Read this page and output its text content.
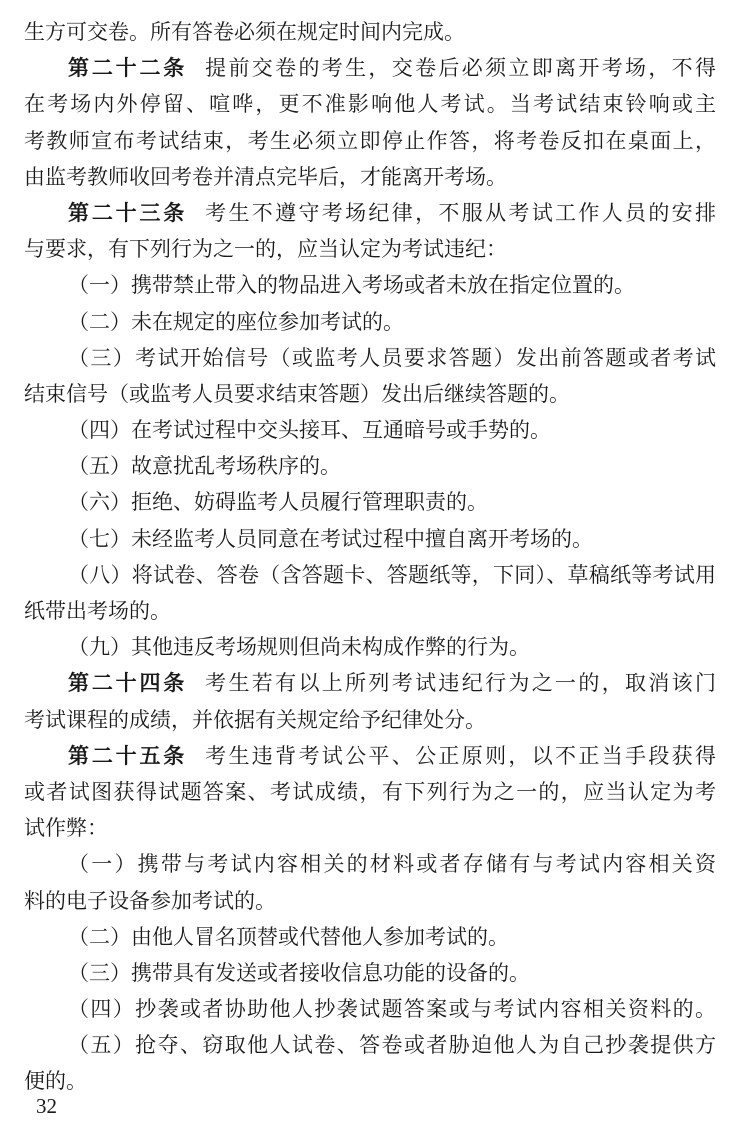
生方可交卷。所有答卷必须在规定时间内完成。
第二十二条 提前交卷的考生，交卷后必须立即离开考场，不得
在考场内外停留、喧哗，更不准影响他人考试。当考试结束铃响或主
考教师宣布考试结束，考生必须立即停止作答，将考卷反扣在桌面上，
由监考教师收回考卷并清点完毕后，才能离开考场。
第二十三条 考生不遵守考场纪律，不服从考试工作人员的安排
与要求，有下列行为之一的，应当认定为考试违纪：
（一）携带禁止带入的物品进入考场或者未放在指定位置的。
（二）未在规定的座位参加考试的。
（三）考试开始信号（或监考人员要求答题）发出前答题或者考试
结束信号（或监考人员要求结束答题）发出后继续答题的。
（四）在考试过程中交头接耳、互通暗号或手势的。
（五）故意扰乱考场秩序的。
（六）拒绝、妨碍监考人员履行管理职责的。
（七）未经监考人员同意在考试过程中擅自离开考场的。
（八）将试卷、答卷（含答题卡、答题纸等，下同）、草稿纸等考试用
纸带出考场的。
（九）其他违反考场规则但尚未构成作弊的行为。
第二十四条 考生若有以上所列考试违纪行为之一的，取消该门
考试课程的成绩，并依据有关规定给予纪律处分。
第二十五条 考生违背考试公平、公正原则，以不正当手段获得
或者试图获得试题答案、考试成绩，有下列行为之一的，应当认定为考
试作弊：
（一）携带与考试内容相关的材料或者存储有与考试内容相关资
料的电子设备参加考试的。
（二）由他人冒名顶替或代替他人参加考试的。
（三）携带具有发送或者接收信息功能的设备的。
（四）抄袭或者协助他人抄袭试题答案或与考试内容相关资料的。
（五）抢夺、窃取他人试卷、答卷或者胁迫他人为自己抄袭提供方
便的。
32
